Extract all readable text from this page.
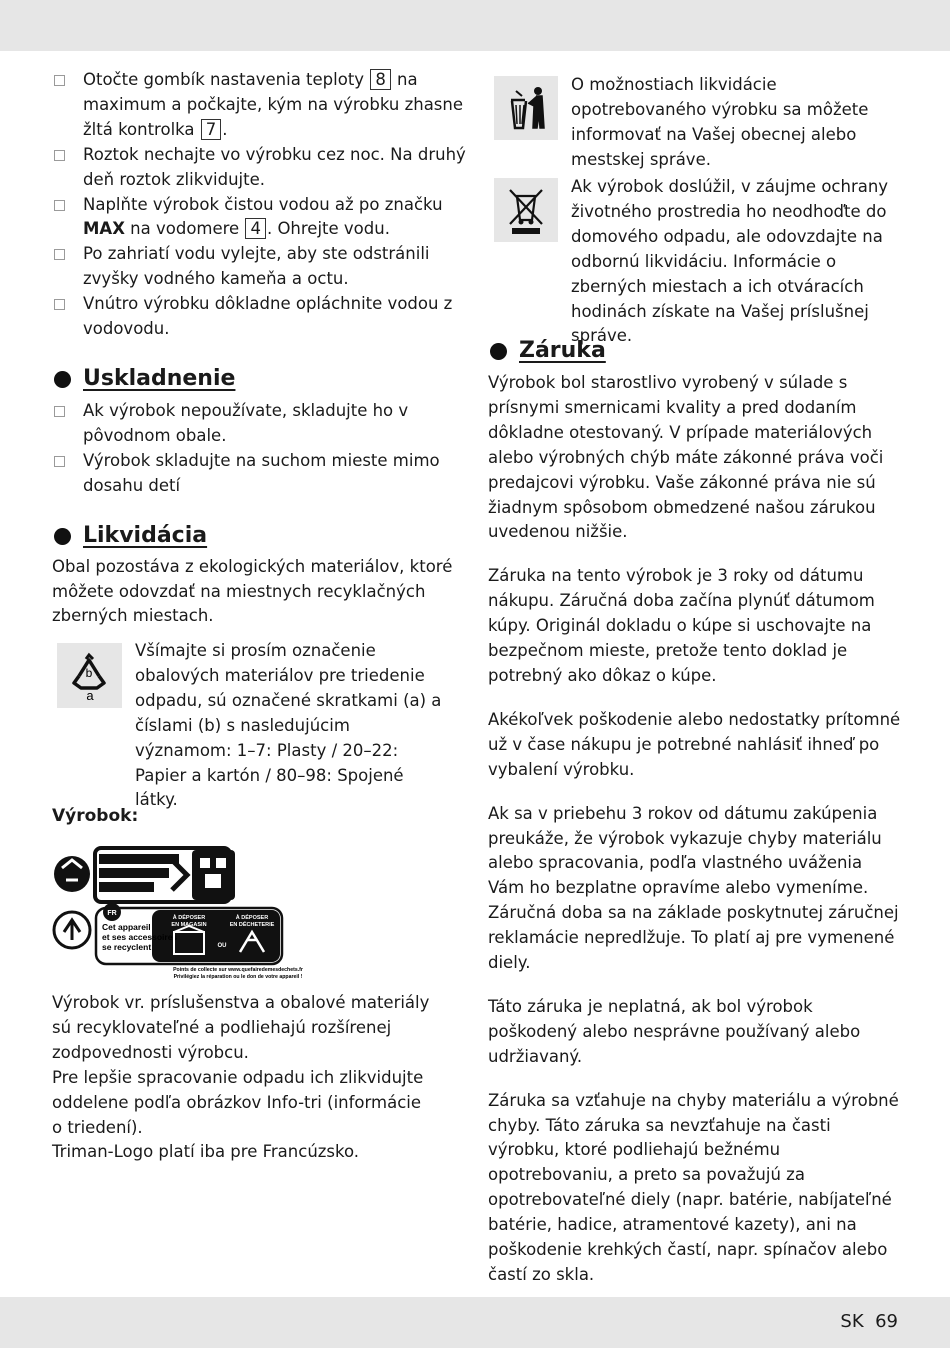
Otočte gombík nastavenia teploty 8 na maximum a počkajte, kým na výrobku zhasne žltá kontrolka 7 .
Roztok nechajte vo výrobku cez noc. Na druhý deň roztok zlikvidujte.
Naplňte výrobok čistou vodou až po značku MAX na vodomere 4 . Ohrejte vodu.
Po zahriatí vodu vylejte, aby ste odstránili zvyšky vodného kameňa a octu.
Vnútro výrobku dôkladne opláchnite vodou z vodovodu.
Uskladnenie
Ak výrobok nepoužívate, skladujte ho v pôvodnom obale.
Výrobok skladujte na suchom mieste mimo dosahu detí
Likvidácia

Obal pozostáva z ekologických materiálov, ktoré môžete odovzdať na miestnych recyklačných zberných miestach.

b
a

Všímajte si prosím označenie obalových materiálov pre triedenie odpadu, sú označené skratkami (a) a číslami (b) s nasledujúcim významom: 1–7: Plasty / 20–22: Papier a kartón / 80–98: Spojené látky.

Výrobok:
FR
Cet appareil
et ses accessoires
se recyclent
À DÉPOSER
EN MAGASIN
À DÉPOSER
EN DÉCHETERIE
OU
Points de collecte sur www.quefairedemesdechets.fr
Privilégiez la réparation ou le don de votre appareil !

Výrobok vr. príslušenstva a obalové materiály sú recyklovateľné a podliehajú rozšírenej zodpovednosti výrobcu.

Pre lepšie spracovanie odpadu ich zlikvidujte oddelene podľa obrázkov Info-tri (informácie o triedení).

Triman-Logo platí iba pre Francúzsko.

O možnostiach likvidácie opotrebovaného výrobku sa môžete informovať na Vašej obecnej alebo mestskej správe.

Ak výrobok doslúžil, v záujme ochrany životného prostredia ho neodhoďte do domového odpadu, ale odovzdajte na odbornú likvidáciu. Informácie o zberných miestach a ich otváracích hodinách získate na Vašej príslušnej správe.

Záruka

Výrobok bol starostlivo vyrobený v súlade s prísnymi smernicami kvality a pred dodaním dôkladne otestovaný. V prípade materiálových alebo výrobných chýb máte zákonné práva voči predajcovi výrobku. Vaše zákonné práva nie sú žiadnym spôsobom obmedzené našou zárukou uvedenou nižšie.

Záruka na tento výrobok je 3 roky od dátumu nákupu. Záručná doba začína plynúť dátumom kúpy. Originál dokladu o kúpe si uschovajte na bezpečnom mieste, pretože tento doklad je potrebný ako dôkaz o kúpe.

Akékoľvek poškodenie alebo nedostatky prítomné už v čase nákupu je potrebné nahlásiť ihneď po vybalení výrobku.

Ak sa v priebehu 3 rokov od dátumu zakúpenia preukáže, že výrobok vykazuje chyby materiálu alebo spracovania, podľa vlastného uváženia Vám ho bezplatne opravíme alebo vymeníme. Záručná doba sa na základe poskytnutej záručnej reklamácie nepredlžuje. To platí aj pre vymenené diely.

Táto záruka je neplatná, ak bol výrobok poškodený alebo nesprávne používaný alebo udržiavaný.

Záruka sa vzťahuje na chyby materiálu a výrobné chyby. Táto záruka sa nevzťahuje na časti výrobku, ktoré podliehajú bežnému opotrebovaniu, a preto sa považujú za opotrebovateľné diely (napr. batérie, nabíjateľné batérie, hadice, atramentové kazety), ani na poškodenie krehkých častí, napr. spínačov alebo častí zo skla.

SK 69
